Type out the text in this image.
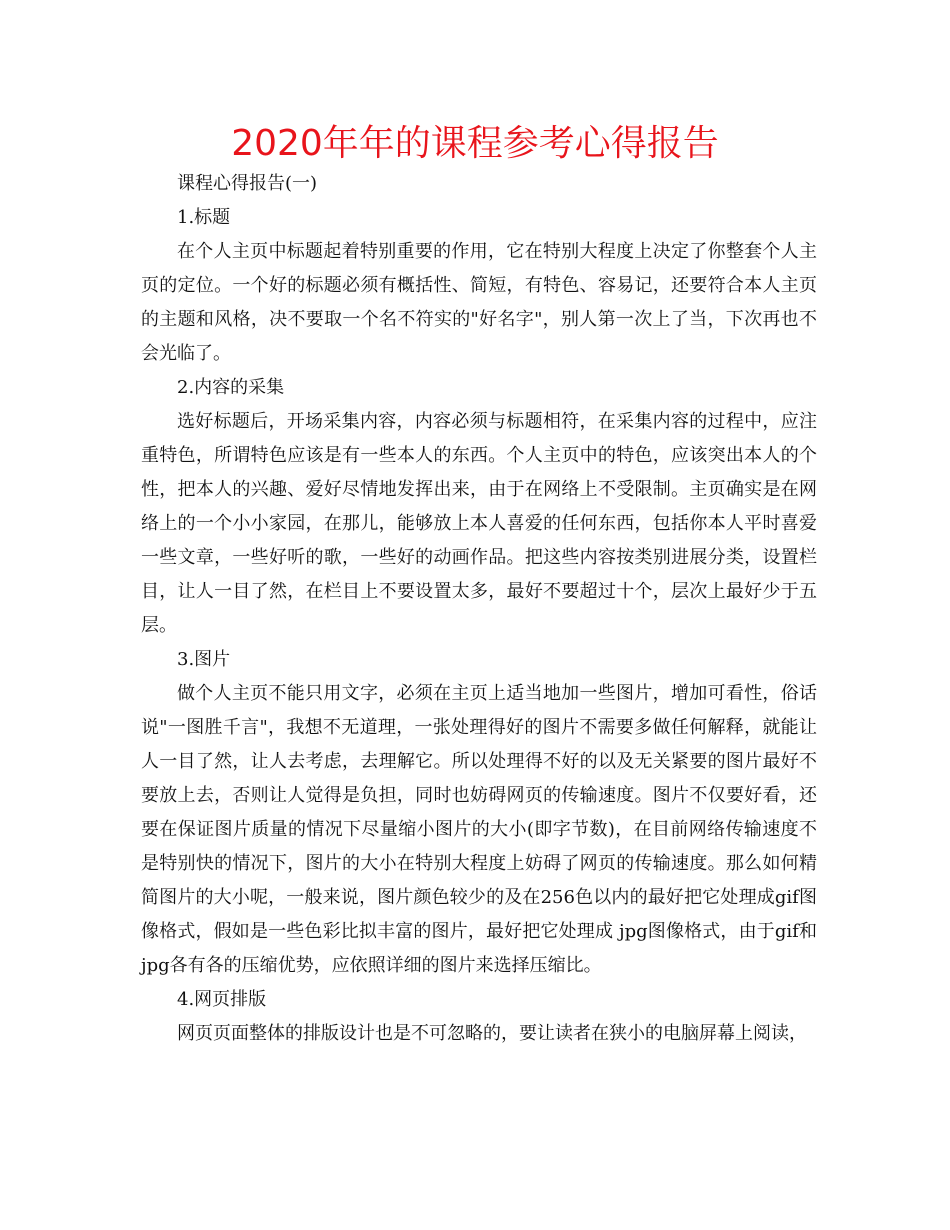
2020年年的课程参考心得报告

课程心得报告(一)

1.标题

在个人主页中标题起着特别重要的作用，它在特别大程度上决定了你整套个人主页的定位。一个好的标题必须有概括性、简短，有特色、容易记，还要符合本人主页的主题和风格，决不要取一个名不符实的"好名字"，别人第一次上了当，下次再也不会光临了。

2.内容的采集

选好标题后，开场采集内容，内容必须与标题相符，在采集内容的过程中，应注重特色，所谓特色应该是有一些本人的东西。个人主页中的特色，应该突出本人的个性，把本人的兴趣、爱好尽情地发挥出来，由于在网络上不受限制。主页确实是在网络上的一个小小家园，在那儿，能够放上本人喜爱的任何东西，包括你本人平时喜爱一些文章，一些好听的歌，一些好的动画作品。把这些内容按类别进展分类，设置栏目，让人一目了然，在栏目上不要设置太多，最好不要超过十个，层次上最好少于五层。

3.图片

做个人主页不能只用文字，必须在主页上适当地加一些图片，增加可看性，俗话说"一图胜千言"，我想不无道理，一张处理得好的图片不需要多做任何解释，就能让人一目了然，让人去考虑，去理解它。所以处理得不好的以及无关紧要的图片最好不要放上去，否则让人觉得是负担，同时也妨碍网页的传输速度。图片不仅要好看，还要在保证图片质量的情况下尽量缩小图片的大小(即字节数)，在目前网络传输速度不是特别快的情况下，图片的大小在特别大程度上妨碍了网页的传输速度。那么如何精简图片的大小呢，一般来说，图片颜色较少的及在256色以内的最好把它处理成gif图像格式，假如是一些色彩比拟丰富的图片，最好把它处理成 jpg图像格式，由于gif和jpg各有各的压缩优势，应依照详细的图片来选择压缩比。

4.网页排版

网页页面整体的排版设计也是不可忽略的，要让读者在狭小的电脑屏幕上阅读，
